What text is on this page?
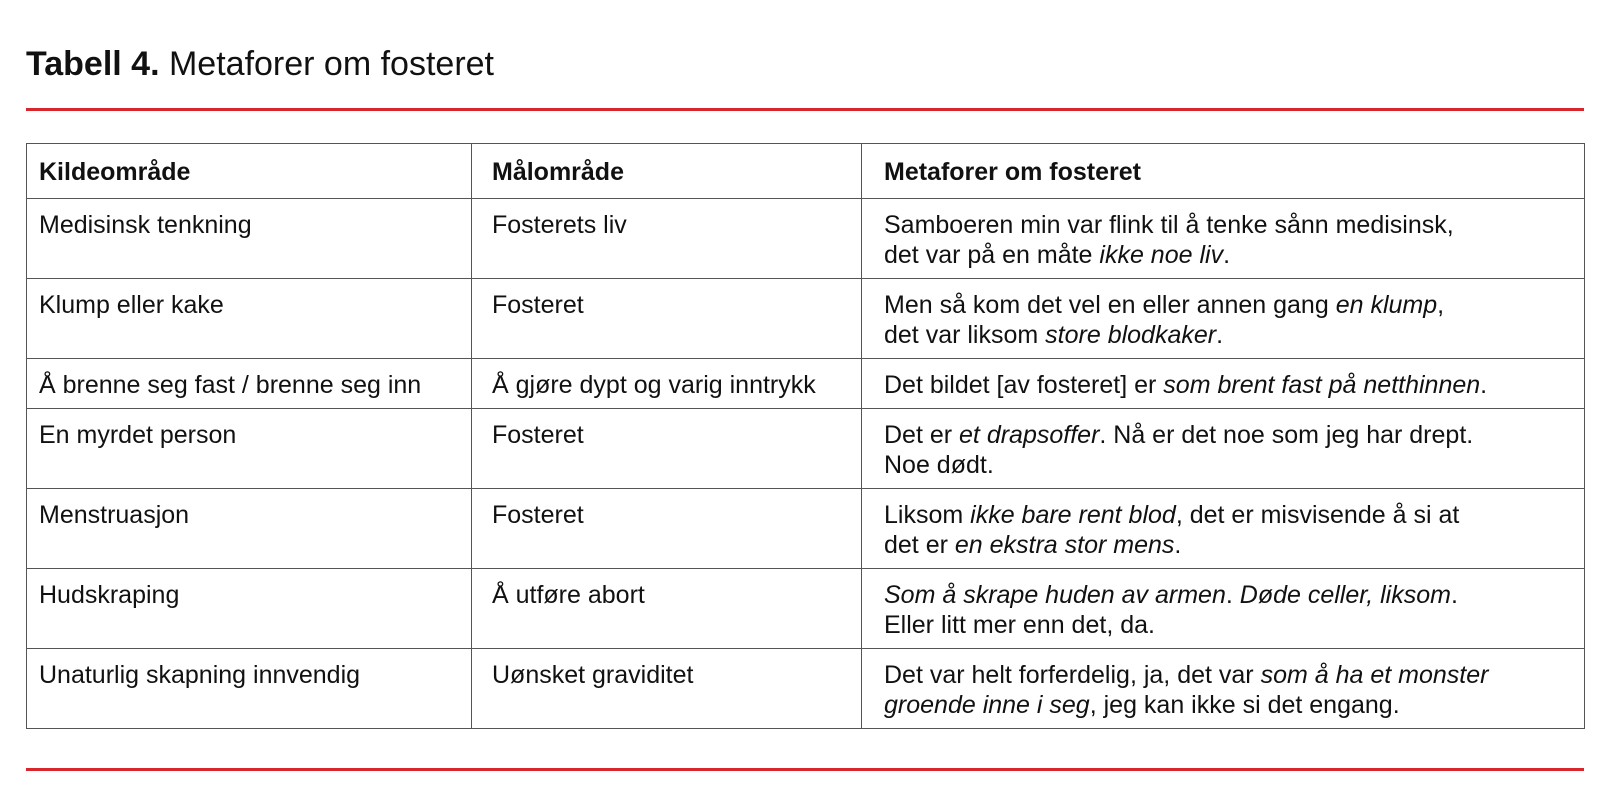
Tabell 4. Metaforer om fosteret
Kildeområde	Målområde	Metaforer om fosteret
Medisinsk tenkning	Fosterets liv	Samboeren min var flink til å tenke sånn medisinsk,
det var på en måte ikke noe liv.

Klump eller kake	Fosteret	Men så kom det vel en eller annen gang en klump,
det var liksom store blodkaker.

Å brenne seg fast / brenne seg inn	Å gjøre dypt og varig inntrykk	Det bildet [av fosteret] er som brent fast på netthinnen.

En myrdet person	Fosteret	Det er et drapsoffer. Nå er det noe som jeg har drept.
Noe dødt.

Menstruasjon	Fosteret	Liksom ikke bare rent blod, det er misvisende å si at
det er en ekstra stor mens.

Hudskraping	Å utføre abort	Som å skrape huden av armen. Døde celler, liksom.
Eller litt mer enn det, da.

Unaturlig skapning innvendig	Uønsket graviditet	Det var helt forferdelig, ja, det var som å ha et monster
groende inne i seg, jeg kan ikke si det engang.
